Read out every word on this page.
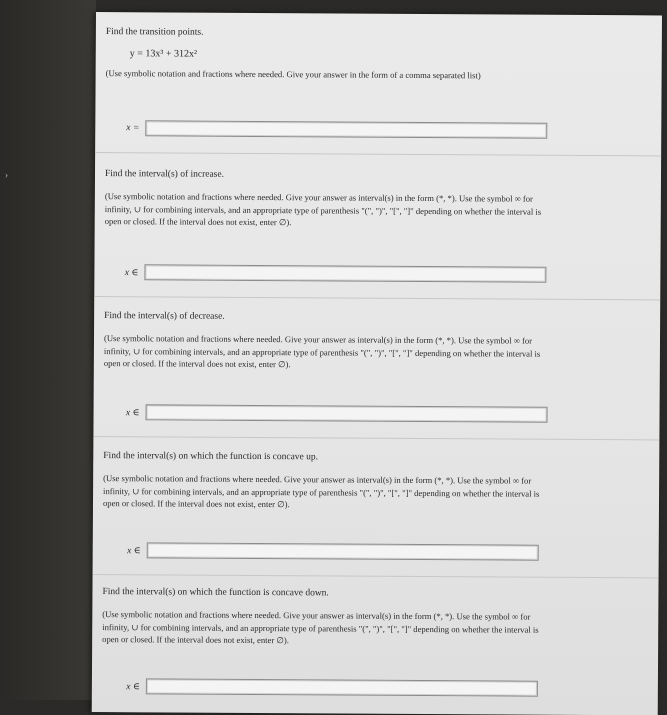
›
Find the transition points.
y = 13x³ + 312x²
(Use symbolic notation and fractions where needed. Give your answer in the form of a comma separated list)
x =
Find the interval(s) of increase.
(Use symbolic notation and fractions where needed. Give your answer as interval(s) in the form (*, *). Use the symbol ∞ for infinity, ∪ for combining intervals, and an appropriate type of parenthesis "(", ")", "[", "]" depending on whether the interval is open or closed. If the interval does not exist, enter ∅).
x ∈
Find the interval(s) of decrease.
(Use symbolic notation and fractions where needed. Give your answer as interval(s) in the form (*, *). Use the symbol ∞ for infinity, ∪ for combining intervals, and an appropriate type of parenthesis "(", ")", "[", "]" depending on whether the interval is open or closed. If the interval does not exist, enter ∅).
x ∈
Find the interval(s) on which the function is concave up.
(Use symbolic notation and fractions where needed. Give your answer as interval(s) in the form (*, *). Use the symbol ∞ for infinity, ∪ for combining intervals, and an appropriate type of parenthesis "(", ")", "[", "]" depending on whether the interval is open or closed. If the interval does not exist, enter ∅).
x ∈
Find the interval(s) on which the function is concave down.
(Use symbolic notation and fractions where needed. Give your answer as interval(s) in the form (*, *). Use the symbol ∞ for infinity, ∪ for combining intervals, and an appropriate type of parenthesis "(", ")", "[", "]" depending on whether the interval is open or closed. If the interval does not exist, enter ∅).
x ∈
